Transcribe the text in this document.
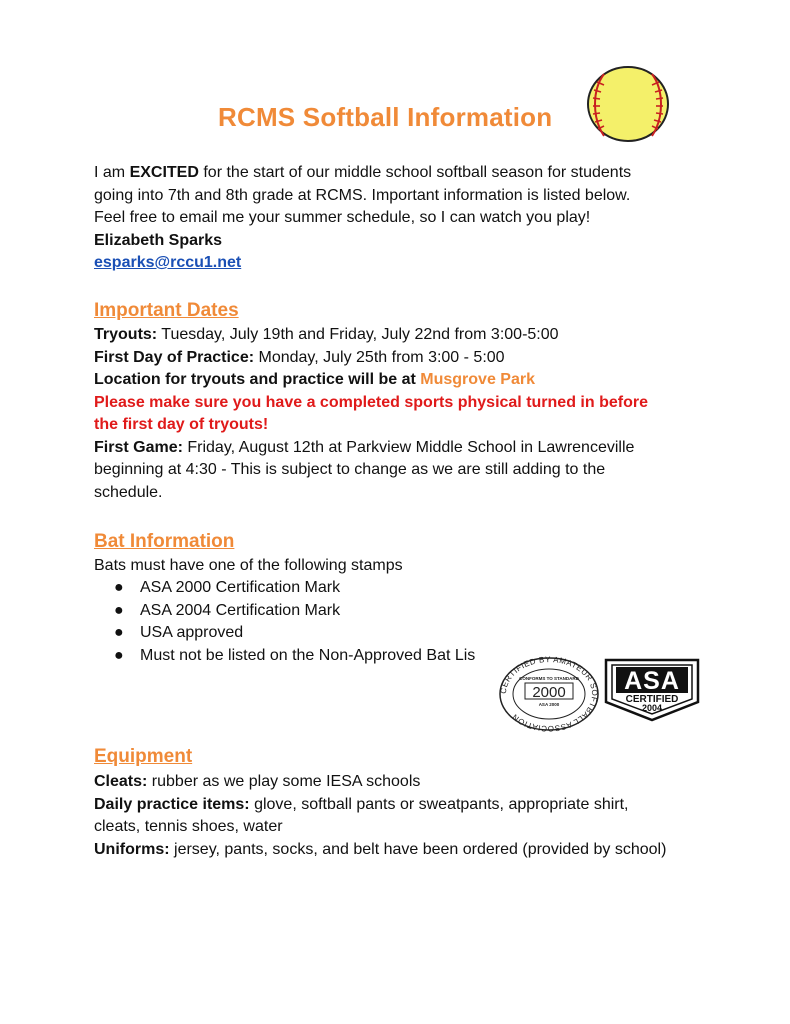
RCMS Softball Information
I am EXCITED for the start of our middle school softball season for students
going into 7th and 8th grade at RCMS. Important information is listed below.
Feel free to email me your summer schedule, so I can watch you play!
Elizabeth Sparks
esparks@rccu1.net
Important Dates
Tryouts: Tuesday, July 19th and Friday, July 22nd from 3:00-5:00
First Day of Practice: Monday, July 25th from 3:00 - 5:00
Location for tryouts and practice will be at Musgrove Park
Please make sure you have a completed sports physical turned in before
the first day of tryouts!
First Game: Friday, August 12th at Parkview Middle School in Lawrenceville
beginning at 4:30 - This is subject to change as we are still adding to the
schedule.
Bat Information
Bats must have one of the following stamps
● ASA 2000 Certification Mark
● ASA 2004 Certification Mark
● USA approved
● Must not be listed on the Non-Approved Bat Lis
CERTIFIED BY AMATEUR SOFTBALL ASSOCIATION
CONFORMS TO STANDARD
2000
ASA 2000
ASA
CERTIFIED
2004
Equipment
Cleats: rubber as we play some IESA schools
Daily practice items: glove, softball pants or sweatpants, appropriate shirt,
cleats, tennis shoes, water
Uniforms: jersey, pants, socks, and belt have been ordered (provided by school)
